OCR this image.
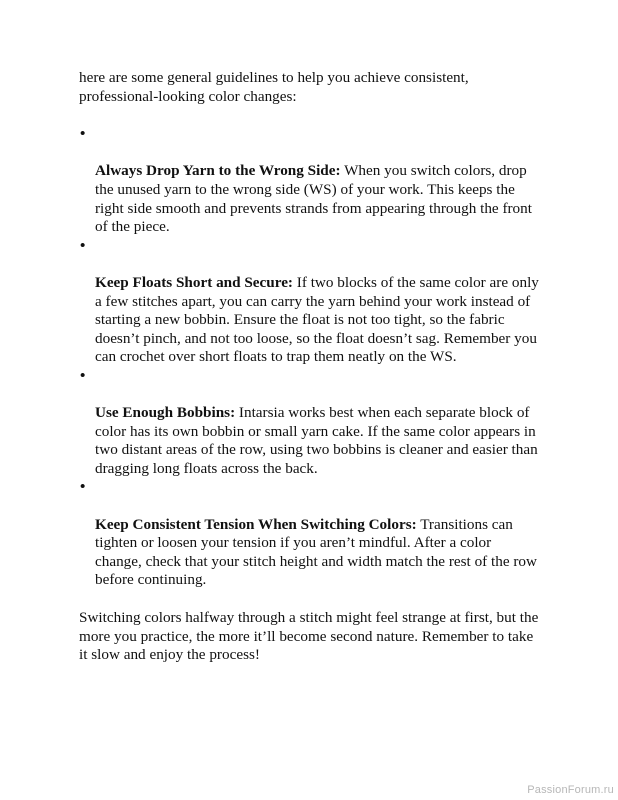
here are some general guidelines to help you achieve consistent,
professional-looking color changes:

•

Always Drop Yarn to the Wrong Side: When you switch colors, drop
the unused yarn to the wrong side (WS) of your work. This keeps the
right side smooth and prevents strands from appearing through the front
of the piece.

•

Keep Floats Short and Secure: If two blocks of the same color are only
a few stitches apart, you can carry the yarn behind your work instead of
starting a new bobbin. Ensure the float is not too tight, so the fabric
doesn’t pinch, and not too loose, so the float doesn’t sag. Remember you
can crochet over short floats to trap them neatly on the WS.

•

Use Enough Bobbins: Intarsia works best when each separate block of
color has its own bobbin or small yarn cake. If the same color appears in
two distant areas of the row, using two bobbins is cleaner and easier than
dragging long floats across the back.

•

Keep Consistent Tension When Switching Colors: Transitions can
tighten or loosen your tension if you aren’t mindful. After a color
change, check that your stitch height and width match the rest of the row
before continuing.

Switching colors halfway through a stitch might feel strange at first, but the
more you practice, the more it’ll become second nature. Remember to take
it slow and enjoy the process!

PassionForum.ru
